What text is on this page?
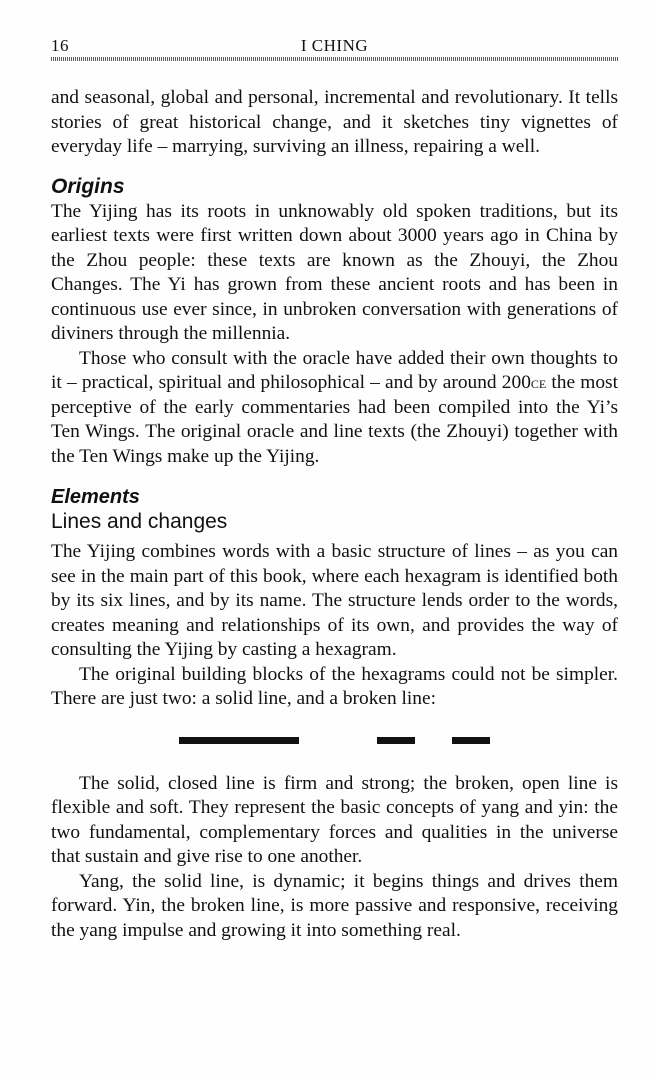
16	I CHING

and seasonal, global and personal, incremental and revolutionary. It tells stories of great historical change, and it sketches tiny vignettes of everyday life – marrying, surviving an illness, repairing a well.

Origins

The Yijing has its roots in unknowably old spoken traditions, but its earliest texts were first written down about 3000 years ago in China by the Zhou people: these texts are known as the Zhouyi, the Zhou Changes. The Yi has grown from these ancient roots and has been in continuous use ever since, in unbroken conversation with generations of diviners through the millennia.

Those who consult with the oracle have added their own thoughts to it – practical, spiritual and philosophical – and by around 200ce the most perceptive of the early commentaries had been compiled into the Yi’s Ten Wings. The original oracle and line texts (the Zhouyi) together with the Ten Wings make up the Yijing.

Elements
Lines and changes

The Yijing combines words with a basic structure of lines – as you can see in the main part of this book, where each hexagram is identified both by its six lines, and by its name. The structure lends order to the words, creates meaning and relationships of its own, and provides the way of consulting the Yijing by casting a hexagram.

The original building blocks of the hexagrams could not be simpler. There are just two: a solid line, and a broken line:

The solid, closed line is firm and strong; the broken, open line is flexible and soft. They represent the basic concepts of yang and yin: the two fundamental, complementary forces and qualities in the universe that sustain and give rise to one another.

Yang, the solid line, is dynamic; it begins things and drives them forward. Yin, the broken line, is more passive and responsive, receiving the yang impulse and growing it into something real.
